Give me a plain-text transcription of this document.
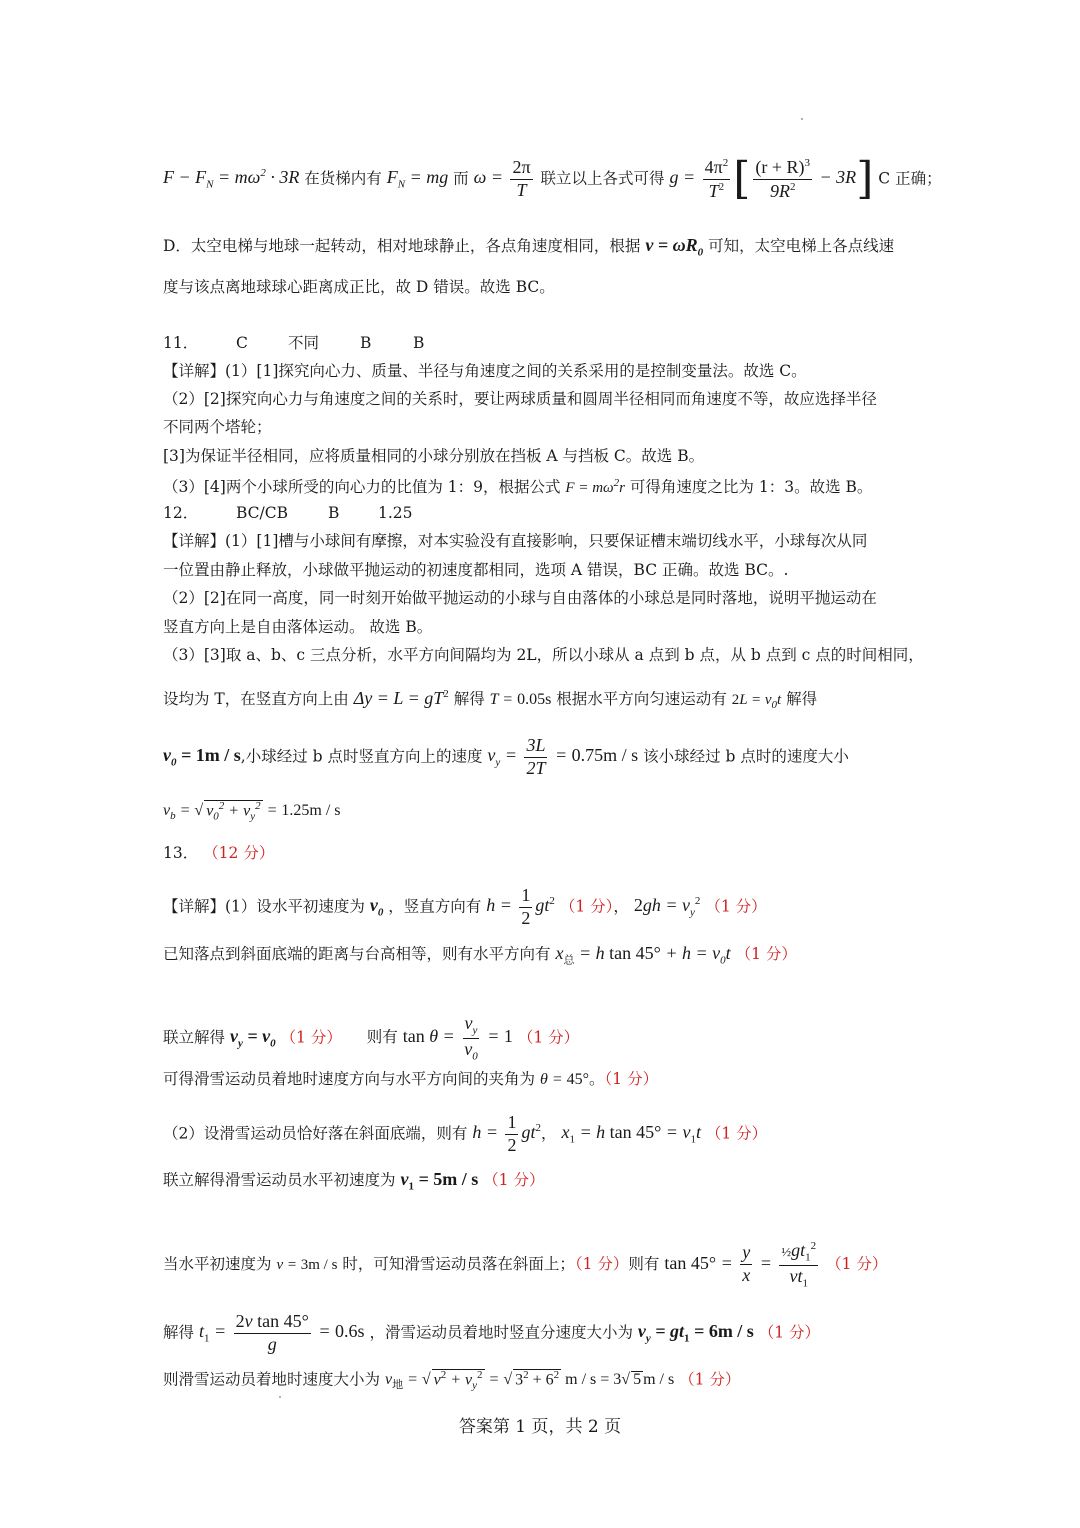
$F - F_N = m\omega^2 \cdot 3R$ 在货梯内有 $F_N$ = mg 而 $\omega = \frac{2\pi}{T}$ 联立以上各式可得 $g = \frac{4\pi^2}{T^2}$ [ $\frac{(r + R)^3}{9R^2} - 3R$] C 正确；
D．太空电梯与地球一起转动，相对地球静止，各点角速度相同，根据 $v = \omega R_0$ 可知，太空电梯上各点线速
度与该点离地球球心距离成正比，故 D 错误。故选 BC。
11． C	不同	B	B
【详解】(1）[1]探究向心力、质量、半径与角速度之间的关系采用的是控制变量法。故选 C。
（2）[2]探究向心力与角速度之间的关系时，要让两球质量和圆周半径相同而角速度不等，故应选择半径
不同两个塔轮；
[3]为保证半径相同，应将质量相同的小球分别放在挡板 A 与挡板 C。故选 B。
（3）[4]两个小球所受的向心力的比值为 1：9，根据公式 $F = m\omega^2r$ 可得角速度之比为 1：3。故选 B。
12． BC/CB	B 1.25
【详解】(1）[1]槽与小球间有摩擦，对本实验没有直接影响，只要保证槽末端切线水平，小球每次从同
一位置由静止释放，小球做平抛运动的初速度都相同，选项 A 错误，BC 正确。故选 BC。.
（2）[2]在同一高度，同一时刻开始做平抛运动的小球与自由落体的小球总是同时落地，说明平抛运动在
竖直方向上是自由落体运动。 故选 B。
（3）[3]取 a、b、c 三点分析，水平方向间隔均为 2L，所以小球从 a 点到 b 点，从 b 点到 c 点的时间相同，
设均为 T，在竖直方向上由 $\Delta y = L = gT^2$ 解得 T = 0.05s 根据水平方向匀速运动有 $2L = v_0t$ 解得
$v_0 = 1m / s$,小球经过 b 点时竖直方向上的速度 $v_y = \frac{3L}{2T} = 0.75m / s$ 该小球经过 b 点时的速度大小
$v_b$ = √ $v_0^2 + v_y^2 = 1.25m / s$
13． （12 分）
【详解】(1）设水平初速度为 $v_0$ ，竖直方向有 $h = \frac{1}{2} gt^2$ （1 分）， $2gh = v_y^2$ （1 分）
已知落点到斜面底端的距离与台高相等，则有水平方向有 $x_总 = h$ $\tan 45^\circ + h = v_0t$ （1 分）
联立解得 $v_y = v_0$ （1 分） 则有 $\tan \theta = \frac{v_y}{v_0} = 1$ （1 分）
可得滑雪运动员着地时速度方向与水平方向间的夹角为 θ = 45°。（1 分）
（2）设滑雪运动员恰好落在斜面底端，则有 $h = \frac{1}{2} gt^2$， $x_1 = h$ $\tan 45^\circ = v_1t$ （1 分）
联立解得滑雪运动员水平初速度为 $v_1 = 5m / s$ （1 分）
当水平初速度为 v = 3m / s 时，可知滑雪运动员落在斜面上；（1 分）则有 $\tan 45^\circ = \frac{y}{x} = \frac{\frac{1}{2}gt_1^2}{vt_1} (1$ 分）
解得 $t_1 = \frac{\text{2v tan 45°}}{g} = 0.6s$ ，滑雪运动员着地时竖直分速度大小为 $v_y = gt_1 = 6m / s$ （1 分）
则滑雪运动员着地时速度大小为 $v_地$ = √ $v^2 + v_y^2$ = √ $3^2 + 6^2$ m / s = 3√ 5 m / s （1 分）
答案第 1 页，共 2 页
